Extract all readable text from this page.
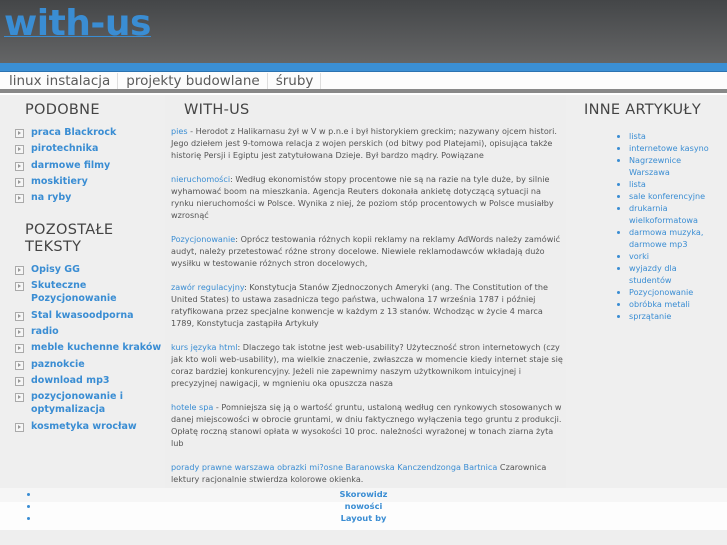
with-us
linux instalacja	projekty budowlane	śruby
PODOBNE
praca Blackrock
pirotechnika
darmowe filmy
moskitiery
na ryby
POZOSTAŁE TEKSTY
Opisy GG
Skuteczne Pozycjonowanie
Stal kwasoodporna
radio
meble kuchenne kraków
paznokcie
download mp3
pozycjonowanie i optymalizacja
kosmetyka wrocław
WITH-US

pies - Herodot z Halikarnasu żył w V w p.n.e i był historykiem greckim; nazywany ojcem histori. Jego dziełem jest 9-tomowa relacja z wojen perskich (od bitwy pod Platejami), opisująca także historię Persji i Egiptu jest zatytułowana Dzieje. Był bardzo mądry. Powiązane

nieruchomości: Według ekonomistów stopy procentowe nie są na razie na tyle duże, by silnie wyhamować boom na mieszkania. Agencja Reuters dokonała ankietę dotyczącą sytuacji na rynku nieruchomości w Polsce. Wynika z niej, że poziom stóp procentowych w Polsce musiałby wzrosnąć

Pozycjonowanie: Oprócz testowania różnych kopii reklamy na reklamy AdWords należy zamówić audyt, należy przetestować różne strony docelowe. Niewiele reklamodawców wkładają dużo wysiłku w testowanie różnych stron docelowych,

zawór regulacyjny: Konstytucja Stanów Zjednoczonych Ameryki (ang. The Constitution of the United States) to ustawa zasadnicza tego państwa, uchwalona 17 września 1787 i później ratyfikowana przez specjalne konwencje w każdym z 13 stanów. Wchodząc w życie 4 marca 1789, Konstytucja zastąpiła Artykuły

kurs języka html: Dlaczego tak istotne jest web-usability? Użyteczność stron internetowych (czy jak kto woli web-usability), ma wielkie znaczenie, zwłaszcza w momencie kiedy internet staje się coraz bardziej konkurencyjny. Jeżeli nie zapewnimy naszym użytkownikom intuicyjnej i precyzyjnej nawigacji, w mgnieniu oka opuszcza nasza

hotele spa - Pomniejsza się ją o wartość gruntu, ustaloną według cen rynkowych stosowanych w danej miejscowości w obrocie gruntami, w dniu faktycznego wyłączenia tego gruntu z produkcji. Opłatę roczną stanowi opłata w wysokości 10 proc. należności wyrażonej w tonach ziarna żyta lub

porady prawne warszawa obrazki mi?osne Baranowska Kanczendzonga Bartnica Czarownica lektury racjonalnie stwierdza kolorowe okienka.

INNE ARTYKUŁY
lista
internetowe kasyno
Nagrzewnice Warszawa
lista
sale konferencyjne
drukarnia wielkoformatowa
darmowa muzyka, darmowe mp3
vorki
wyjazdy dla studentów
Pozycjonowanie
obróbka metali
sprzątanie
Skorowidz
nowości
Layout by
